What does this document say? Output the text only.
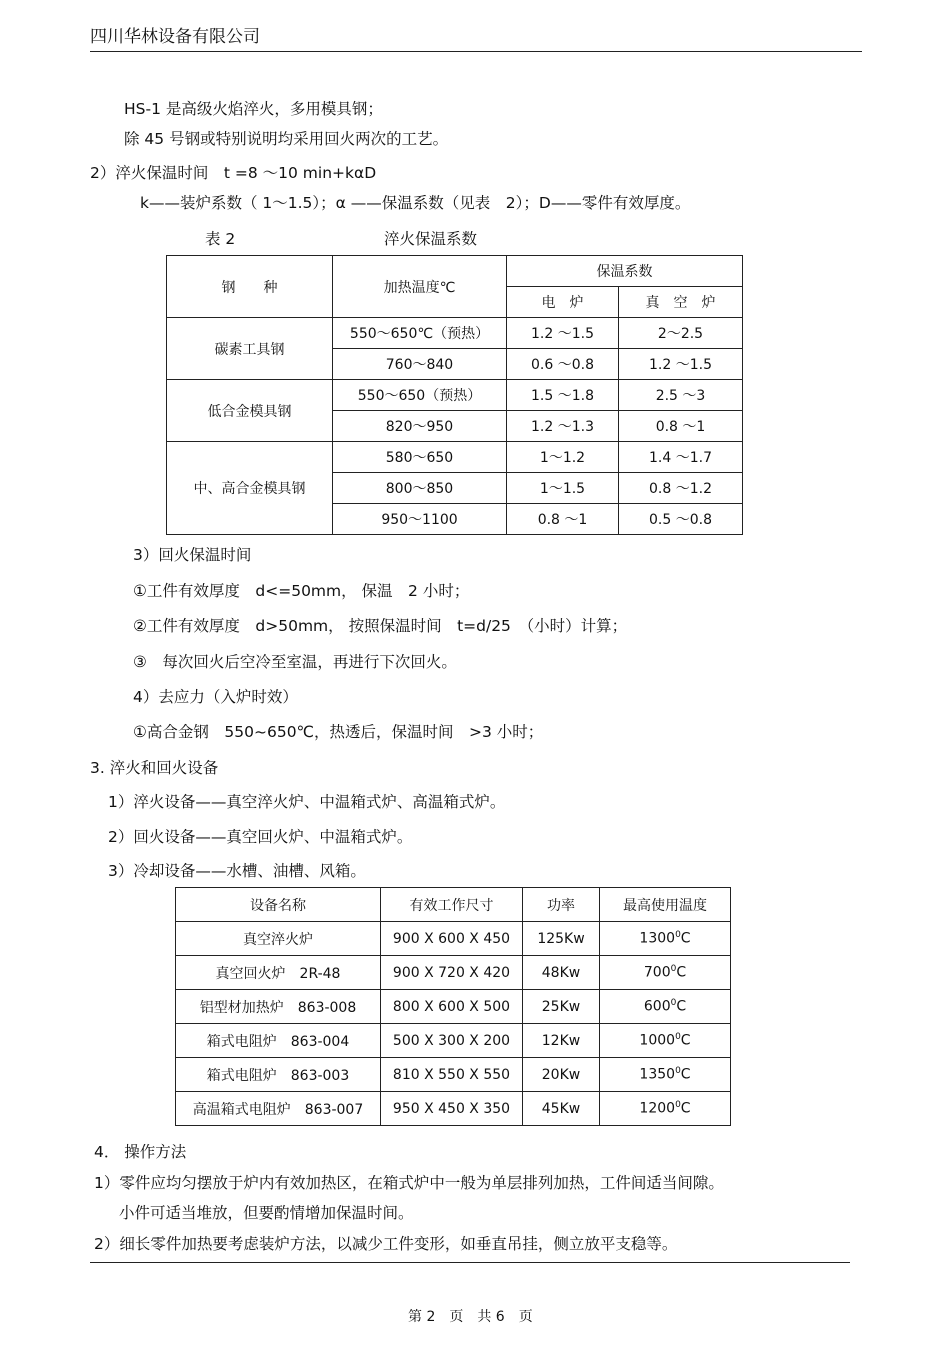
四川华林设备有限公司
HS-1 是高级火焰淬火，多用模具钢；
除 45 号钢或特别说明均采用回火两次的工艺。
2）淬火保温时间　t =8 ～10 min+kαD
k——装炉系数（ 1～1.5）；α ——保温系数（见表　2）；D——零件有效厚度。
表 2	淬火保温系数
钢　　种	加热温度℃	保温系数	
		电　炉	真　空　炉
碳素工具钢	550～650℃（预热）	1.2 ～1.5	2～2.5
	760～840	0.6 ～0.8	1.2 ～1.5
低合金模具钢	550～650（预热）	1.5 ～1.8	2.5 ～3
	820～950	1.2 ～1.3	0.8 ～1
中、高合金模具钢	580～650	1～1.2	1.4 ～1.7
	800～850	1～1.5	0.8 ～1.2
	950～1100	0.8 ～1	0.5 ～0.8
3）回火保温时间
①工件有效厚度　d<=50mm， 保温　2 小时；
②工件有效厚度　d>50mm， 按照保温时间　t=d/25　（小时）计算；
③　每次回火后空冷至室温，再进行下次回火。
4）去应力（入炉时效）
①高合金钢　550~650℃，热透后，保温时间　>3 小时；
3. 淬火和回火设备
1）淬火设备——真空淬火炉、中温箱式炉、高温箱式炉。
2）回火设备——真空回火炉、中温箱式炉。
3）冷却设备——水槽、油槽、风箱。
设备名称	有效工作尺寸	功率	最高使用温度
真空淬火炉	900 X 600 X 450	125Kw	1300$^0$C
真空回火炉　2R-48	900 X 720 X 420	48Kw	$700^0C$
铝型材加热炉　863-008	800 X 600 X 500	25Kw	$600^0C$
箱式电阻炉　863-004	500 X 300 X 200	12Kw	1000$^0$C
箱式电阻炉　863-003	810 X 550 X 550	20Kw	1350$^0$C
高温箱式电阻炉　863-007	950 X 450 X 350	45Kw	1200$^0$C
4． 操作方法
1）零件应均匀摆放于炉内有效加热区，在箱式炉中一般为单层排列加热，工件间适当间隙。
小件可适当堆放，但要酌情增加保温时间。
2）细长零件加热要考虑装炉方法，以减少工件变形，如垂直吊挂，侧立放平支稳等。
第 2　页　共 6　页
